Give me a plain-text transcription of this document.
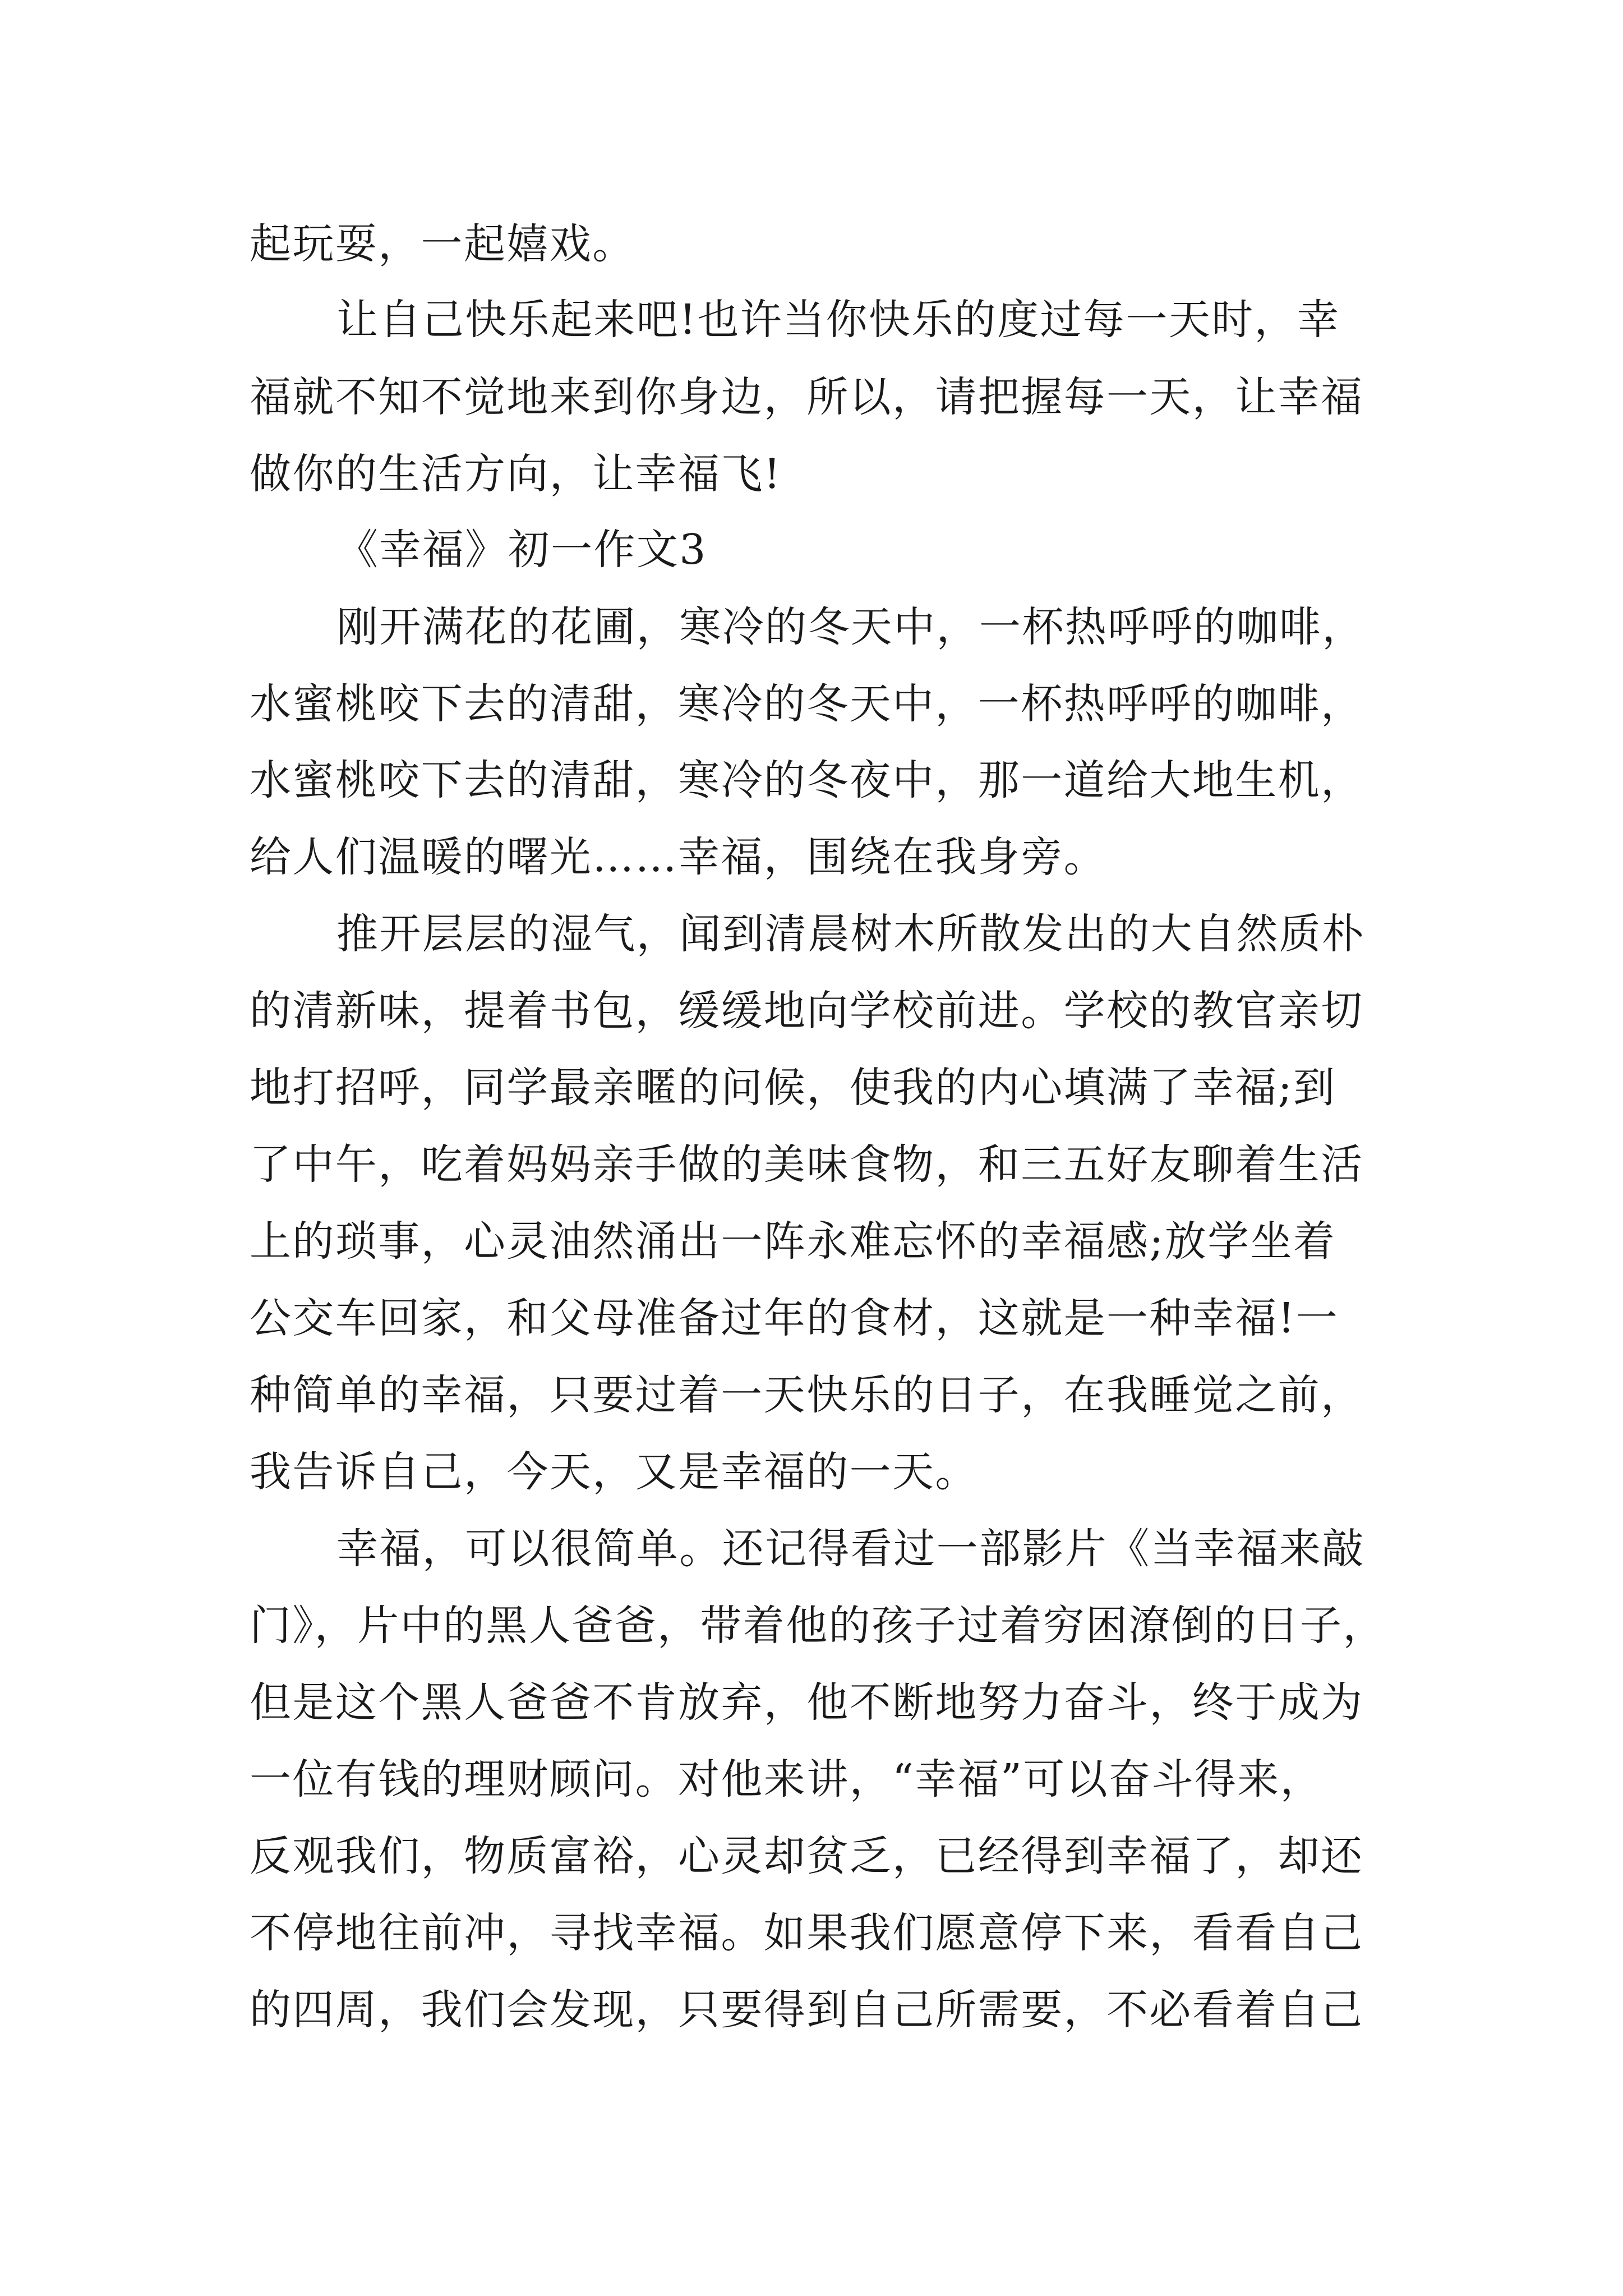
起玩耍，一起嬉戏。
让自己快乐起来吧!也许当你快乐的度过每一天时，幸
福就不知不觉地来到你身边，所以，请把握每一天，让幸福
做你的生活方向，让幸福飞!
《幸福》初一作文3
刚开满花的花圃，寒冷的冬天中，一杯热呼呼的咖啡，
水蜜桃咬下去的清甜，寒冷的冬天中，一杯热呼呼的咖啡，
水蜜桃咬下去的清甜，寒冷的冬夜中，那一道给大地生机，
给人们温暖的曙光……幸福，围绕在我身旁。
推开层层的湿气，闻到清晨树木所散发出的大自然质朴
的清新味，提着书包，缓缓地向学校前进。学校的教官亲切
地打招呼，同学最亲暱的问候，使我的内心填满了幸福;到
了中午，吃着妈妈亲手做的美味食物，和三五好友聊着生活
上的琐事，心灵油然涌出一阵永难忘怀的幸福感;放学坐着
公交车回家，和父母准备过年的食材，这就是一种幸福!一
种简单的幸福，只要过着一天快乐的日子，在我睡觉之前，
我告诉自己，今天，又是幸福的一天。
幸福，可以很简单。还记得看过一部影片《当幸福来敲
门》，片中的黑人爸爸，带着他的孩子过着穷困潦倒的日子，
但是这个黑人爸爸不肯放弃，他不断地努力奋斗，终于成为
一位有钱的理财顾问。对他来讲，“幸福”可以奋斗得来，
反观我们，物质富裕，心灵却贫乏，已经得到幸福了，却还
不停地往前冲，寻找幸福。如果我们愿意停下来，看看自己
的四周，我们会发现，只要得到自己所需要，不必看着自己
